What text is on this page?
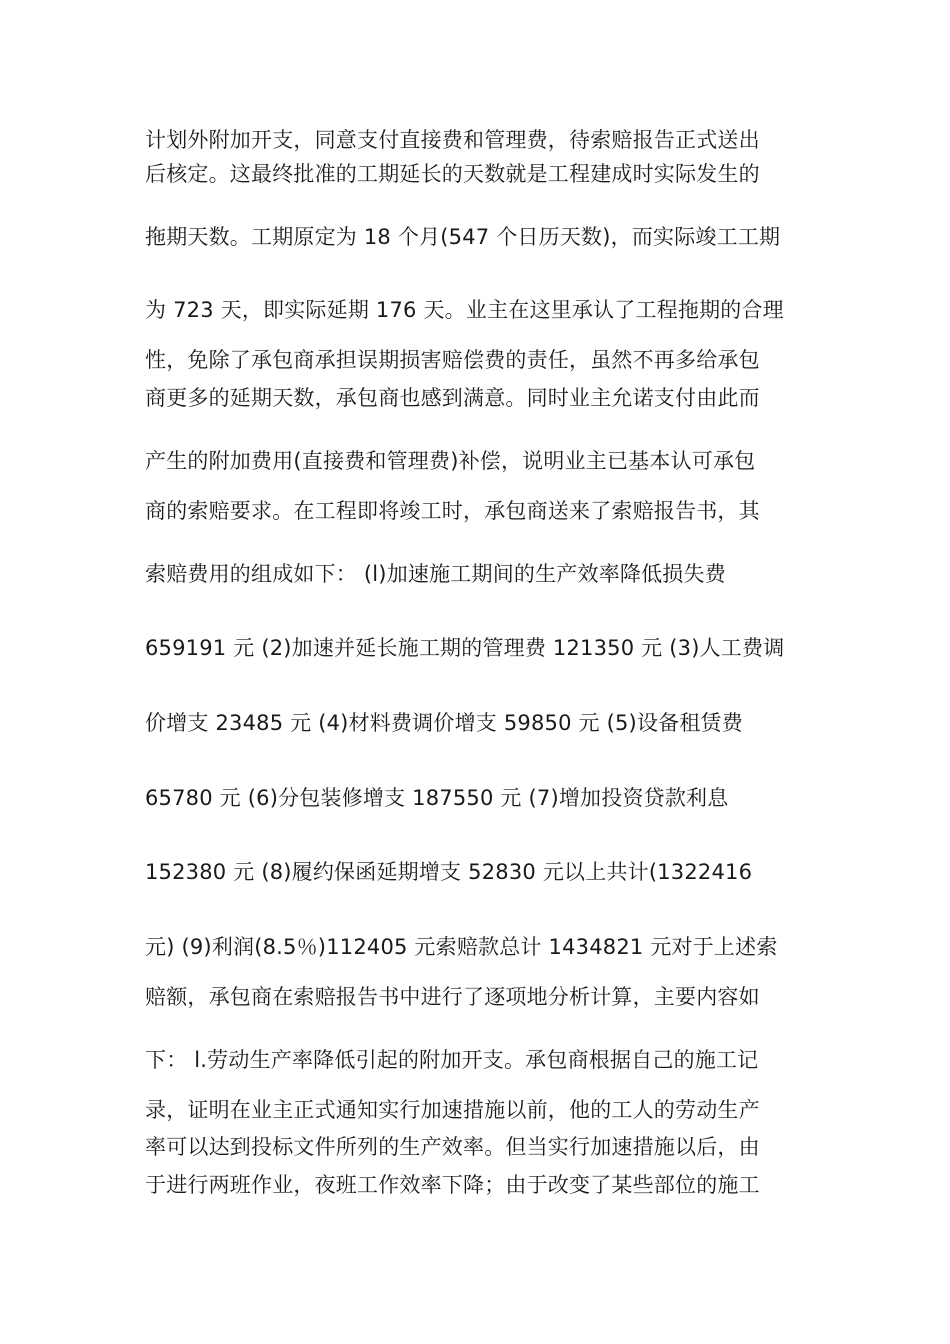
计划外附加开支，同意支付直接费和管理费，待索赔报告正式送出
后核定。这最终批准的工期延长的天数就是工程建成时实际发生的
拖期天数。工期原定为 18 个月(547 个日历天数)，而实际竣工工期
为 723 天，即实际延期 176 天。业主在这里承认了工程拖期的合理
性，免除了承包商承担误期损害赔偿费的责任，虽然不再多给承包
商更多的延期天数，承包商也感到满意。同时业主允诺支付由此而
产生的附加费用(直接费和管理费)补偿，说明业主已基本认可承包
商的索赔要求。在工程即将竣工时，承包商送来了索赔报告书，其
索赔费用的组成如下： (l)加速施工期间的生产效率降低损失费
659191 元 (2)加速并延长施工期的管理费 121350 元 (3)人工费调
价增支 23485 元 (4)材料费调价增支 59850 元 (5)设备租赁费
65780 元 (6)分包装修增支 187550 元 (7)增加投资贷款利息
152380 元 (8)履约保函延期增支 52830 元以上共计(1322416
元) (9)利润(8.5％)112405 元索赔款总计 1434821 元对于上述索
赔额，承包商在索赔报告书中进行了逐项地分析计算，主要内容如
下： l.劳动生产率降低引起的附加开支。承包商根据自己的施工记
录，证明在业主正式通知实行加速措施以前，他的工人的劳动生产
率可以达到投标文件所列的生产效率。但当实行加速措施以后，由
于进行两班作业，夜班工作效率下降；由于改变了某些部位的施工
